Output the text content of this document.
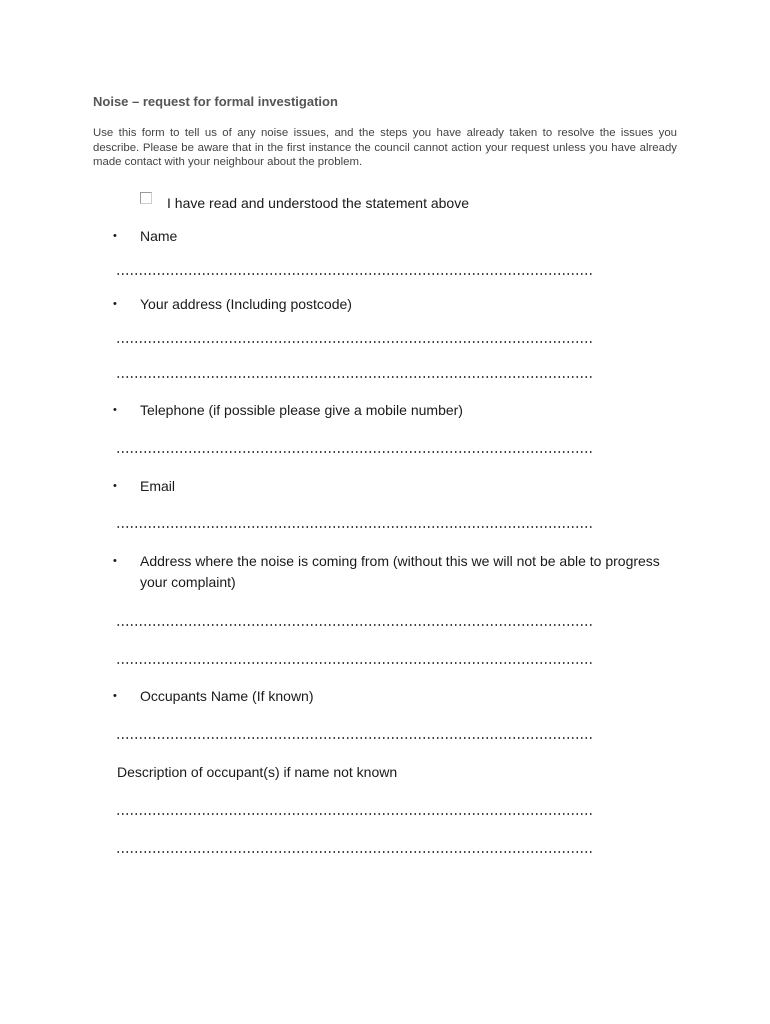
Noise – request for formal investigation

Use this form to tell us of any noise issues, and the steps you have already taken to resolve the issues you describe. Please be aware that in the first instance the council cannot action your request unless you have already made contact with your neighbour about the problem.

I have read and understood the statement above
•	Name
•	Your address (Including postcode)
•	Telephone (if possible please give a mobile number)
•	Email
•	Address where the noise is coming from (without this we will not be able to progress your complaint)
•	Occupants Name (If known)
Description of occupant(s) if name not known
